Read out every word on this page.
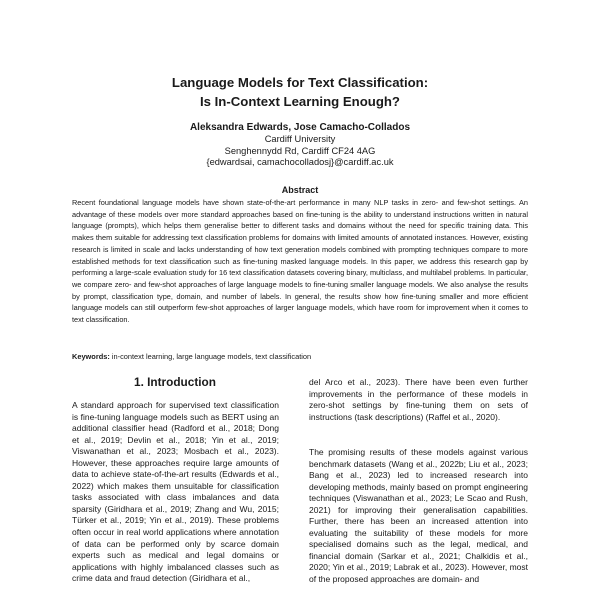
Language Models for Text Classification:
Is In-Context Learning Enough?
Aleksandra Edwards, Jose Camacho-Collados
Cardiff University
Senghennydd Rd, Cardiff CF24 4AG
{edwardsai, camachocolladosj}@cardiff.ac.uk
Abstract
Recent foundational language models have shown state-of-the-art performance in many NLP tasks in zero- and few-shot settings. An advantage of these models over more standard approaches based on fine-tuning is the ability to understand instructions written in natural language (prompts), which helps them generalise better to different tasks and domains without the need for specific training data. This makes them suitable for addressing text classification problems for domains with limited amounts of annotated instances. However, existing research is limited in scale and lacks understanding of how text generation models combined with prompting techniques compare to more established methods for text classification such as fine-tuning masked language models. In this paper, we address this research gap by performing a large-scale evaluation study for 16 text classification datasets covering binary, multiclass, and multilabel problems. In particular, we compare zero- and few-shot approaches of large language models to fine-tuning smaller language models. We also analyse the results by prompt, classification type, domain, and number of labels. In general, the results show how fine-tuning smaller and more efficient language models can still outperform few-shot approaches of larger language models, which have room for improvement when it comes to text classification.
Keywords: in-context learning, large language models, text classification
1. Introduction

A standard approach for supervised text classification is fine-tuning language models such as BERT using an additional classifier head (Radford et al., 2018; Dong et al., 2019; Devlin et al., 2018; Yin et al., 2019; Viswanathan et al., 2023; Mosbach et al., 2023). However, these approaches require large amounts of data to achieve state-of-the-art results (Edwards et al., 2022) which makes them unsuitable for classification tasks associated with class imbalances and data sparsity (Giridhara et al., 2019; Zhang and Wu, 2015; Türker et al., 2019; Yin et al., 2019). These problems often occur in real world applications where annotation of data can be performed only by scarce domain experts such as medical and legal domains or applications with highly imbalanced classes such as crime data and fraud detection (Giridhara et al.,

del Arco et al., 2023). There have been even further improvements in the performance of these models in zero-shot settings by fine-tuning them on sets of instructions (task descriptions) (Raffel et al., 2020).

The promising results of these models against various benchmark datasets (Wang et al., 2022b; Liu et al., 2023; Bang et al., 2023) led to increased research into developing methods, mainly based on prompt engineering techniques (Viswanathan et al., 2023; Le Scao and Rush, 2021) for improving their generalisation capabilities. Further, there has been an increased attention into evaluating the suitability of these models for more specialised domains such as the legal, medical, and financial domain (Sarkar et al., 2021; Chalkidis et al., 2020; Yin et al., 2019; Labrak et al., 2023). However, most of the proposed approaches are domain- and
